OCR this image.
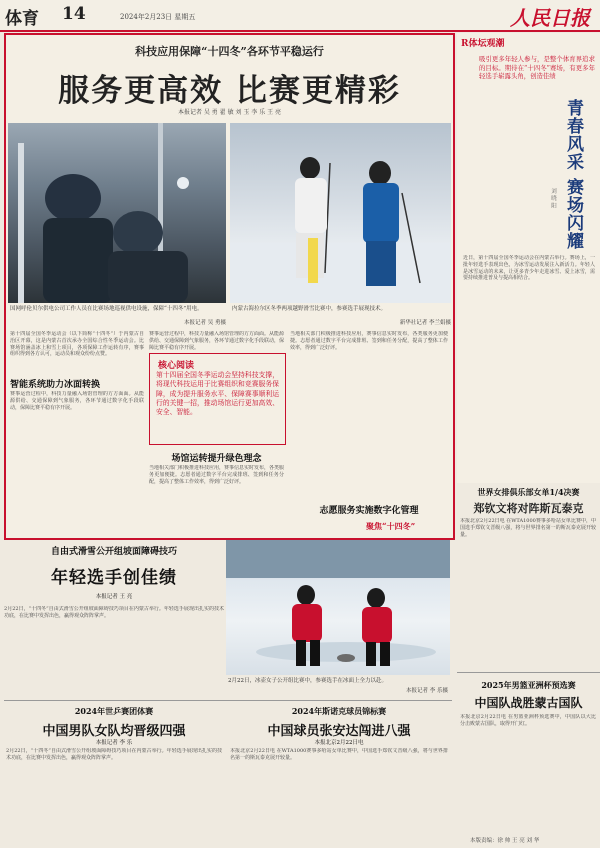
体育 14	2024年2月23日 星期五	人民日报
科技应用保障“十四冬”各环节平稳运行
服务更高效 比赛更精彩
本报记者 吴 勇 翟 敏 刘 玉 李 乐 王 亮
国网呼伦贝尔供电公司工作人员在比赛场地巡视供电设施，保障“十四冬”用电。
本报记者 吴 勇摄
内蒙古海拉尔区冬季两项越野滑雪比赛中，参赛选手展现技术。
新华社记者 李兰娟摄
第十四届全国冬季运动会（以下简称“十四冬”）于内蒙古自治区开幕，这是内蒙古首次承办全国综合性冬季运动会。比赛场馆涵盖冰上和雪上项目，各项保障工作运转有序，赛事组织得到各方认可，运动员和观众纷纷点赞。
智能系统助力冰面转换
赛事运营过程中，科技力量融入场馆管理的方方面面。从能源供给、交通保障到气象服务，各环节通过数字化手段联动，保障比赛平稳有序开展。
核心阅读
第十四届全国冬季运动会坚持科技支撑，将现代科技运用于比赛组织和竞赛服务保障，成为提升服务水平、保障赛事顺利运行的关键一招，推动场馆运行更加高效、安全、智能。
赛事运营过程中，科技力量融入场馆管理的方方面面。从能源供给、交通保障到气象服务，各环节通过数字化手段联动，保障比赛平稳有序开展。
场馆运转提升绿色理念
当地相关部门积极推进科技应用，赛事信息实时发布，各类服务更加便捷。志愿者通过数字平台完成排班、签到和任务分配，提高了整体工作效率，得到广泛好评。
当地相关部门积极推进科技应用，赛事信息实时发布，各类服务更加便捷。志愿者通过数字平台完成排班、签到和任务分配，提高了整体工作效率，得到广泛好评。
志愿服务实施数字化管理
聚焦“十四冬”
R体坛观潮
吸引更多年轻人参与，是整个体育界追求的目标。期待在“十四冬”赛场，有更多年轻选手崭露头角，创造佳绩
青春风采 赛场闪耀
刘 晓 阳
近日，第十四届全国冬季运动会在内蒙古举行。赛场上，一批年轻选手表现出色，为冰雪运动发展注入新活力。年轻人是冰雪运动的未来，让更多青少年走进冰雪、爱上冰雪，需要持续推进普及与提高相结合。
世界女排俱乐部女单1/4决赛
郑钦文将对阵斯瓦泰克
本报北京2月22日电 在WTA1000赛事多哈站女单比赛中，中国选手郑钦文晋级八强，将与世界排名第一的斯瓦泰克展开较量。
2025年男篮亚洲杯预选赛
中国队战胜蒙古国队
本报北京2月22日电 在男篮亚洲杯预选赛中，中国队以大比分击败蒙古国队，取得开门红。
自由式滑雪公开组坡面障碍技巧
年轻选手创佳绩
本报记者 王 亮
2月22日，“十四冬”自由式滑雪公开组坡面障碍技巧项目在内蒙古举行。年轻选手展现出扎实的技术功底，在比赛中发挥出色，赢得观众阵阵掌声。
2月22日，冰壶女子公开组比赛中，参赛选手在冰面上全力以赴。
本报记者 李 乐摄
2024年世乒赛团体赛
中国男队女队均晋级四强
本报记者 李 乐
2月22日，“十四冬”自由式滑雪公开组坡面障碍技巧项目在内蒙古举行。年轻选手展现出扎实的技术功底，在比赛中发挥出色，赢得观众阵阵掌声。
2024年斯诺克球员锦标赛
中国球员张安达闯进八强
本报北京2月22日电
本报北京2月22日电 在WTA1000赛事多哈站女单比赛中，中国选手郑钦文晋级八强，将与世界排名第一的斯瓦泰克展开较量。
本版责编：徐 帅 王 亮 刘 华
